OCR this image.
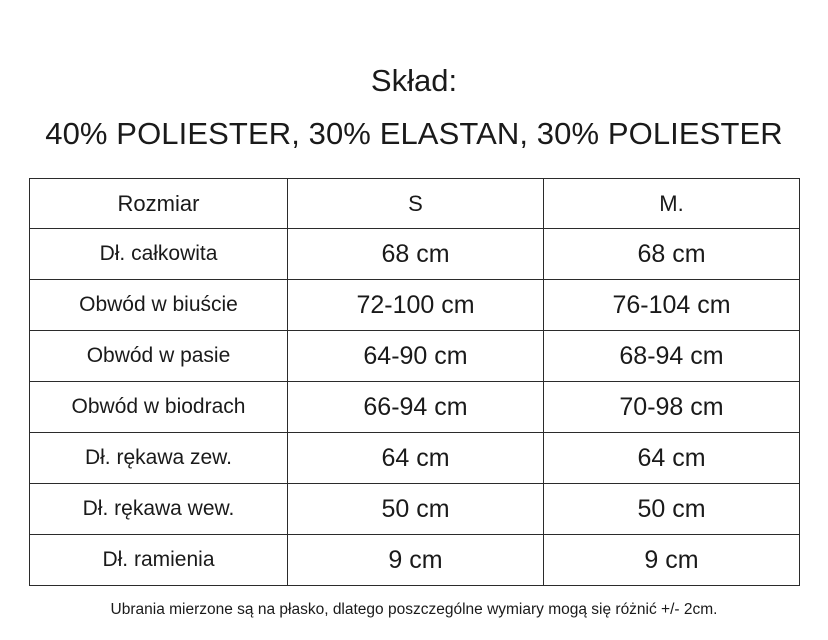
Skład:
40% POLIESTER, 30% ELASTAN, 30% POLIESTER
Rozmiar	S	M.
Dł. całkowita	68 cm	68 cm
Obwód w biuście	72-100 cm	76-104 cm
Obwód w pasie	64-90 cm	68-94 cm
Obwód w biodrach	66-94 cm	70-98 cm
Dł. rękawa zew.	64 cm	64 cm
Dł. rękawa wew.	50 cm	50 cm
Dł. ramienia	9 cm	9 cm
Ubrania mierzone są na płasko, dlatego poszczególne wymiary mogą się różnić +/- 2cm.
